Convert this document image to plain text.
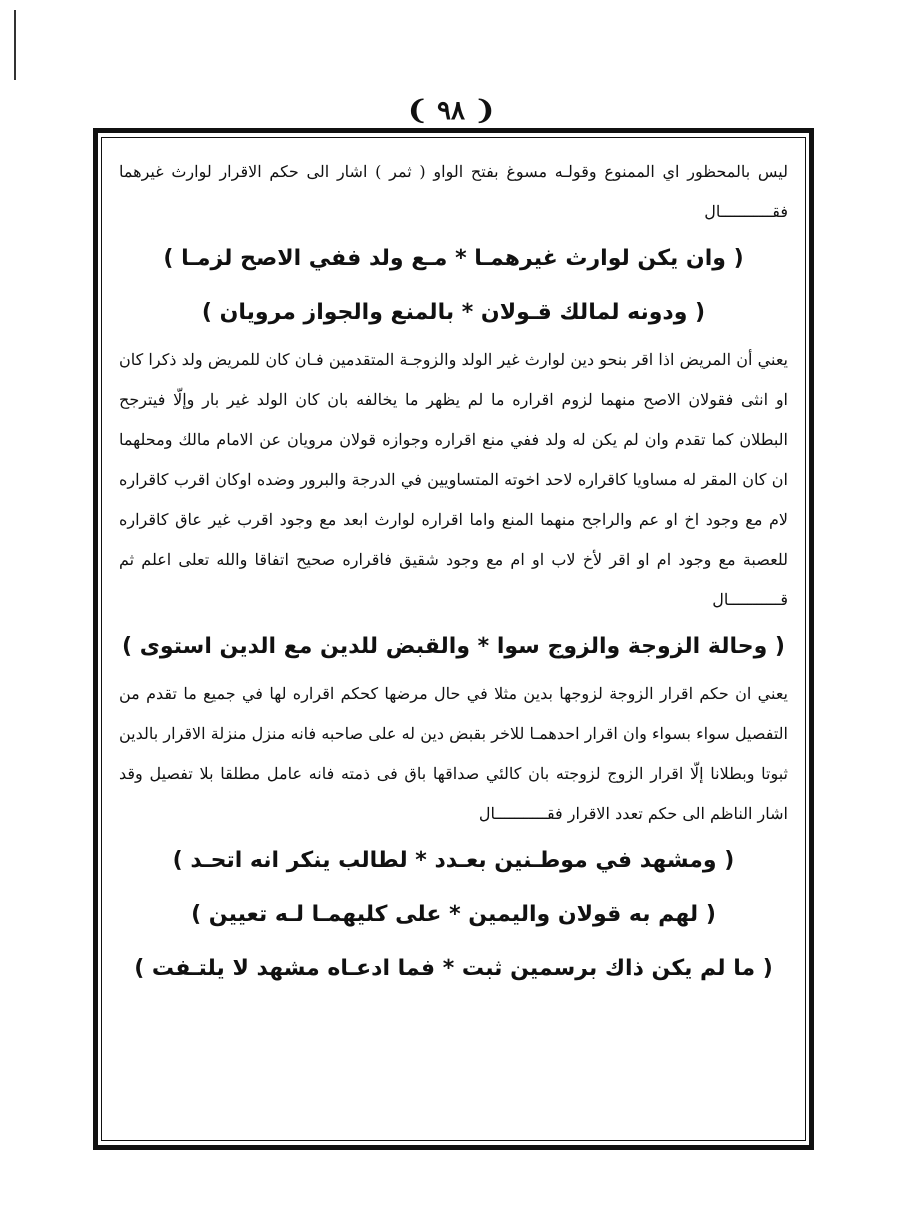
❨ ٩٨ ❩

ليس بالمحظور اي الممنوع وقولـه مسوغ بفتح الواو ( ثمر ) اشار الى حكم الاقرار لوارث غيرهما فقـــــــــــال

( وان يكن لوارث غيرهمـا * مـع ولد ففي الاصح لزمـا )

( ودونه لمالك قـولان * بالمنع والجواز مرويان )

يعني أن المريض اذا اقر بنحو دين لوارث غير الولد والزوجـة المتقدمين فـان كان للمريض ولد ذكرا كان او انثى فقولان الاصح منهما لزوم اقراره ما لم يظهر ما يخالفه بان كان الولد غير بار وإلّا فيترجح البطلان كما تقدم وان لم يكن له ولد ففي منع اقراره وجوازه قولان مرويان عن الامام مالك ومحلهما ان كان المقر له مساويا كاقراره لاحد اخوته المتساويين في الدرجة والبرور وضده اوكان اقرب كاقراره لام مع وجود اخ او عم والراجح منهما المنع واما اقراره لوارث ابعد مع وجود اقرب غير عاق كاقراره للعصبة مع وجود ام او اقر لأخ لاب او ام مع وجود شقيق فاقراره صحيح اتفاقا والله تعلى اعلم ثم قـــــــــــال

( وحالة الزوجة والزوج سوا * والقبض للدين مع الدين استوى )

يعني ان حكم اقرار الزوجة لزوجها بدين مثلا في حال مرضها كحكم اقراره لها في جميع ما تقدم من التفصيل سواء بسواء وان اقرار احدهمـا للاخر بقبض دين له على صاحبه فانه منزل منزلة الاقرار بالدين ثبوتا وبطلانا إلّا اقرار الزوج لزوجته بان كالئي صداقها باق فى ذمته فانه عامل مطلقا بلا تفصيل وقد اشار الناظم الى حكم تعدد الاقرار فقـــــــــــال

( ومشهد في موطـنين بعـدد * لطالب ينكر انه اتحـد )

( لهم به قولان واليمين * على كليهمـا لـه تعيين )

( ما لم يكن ذاك برسمين ثبت * فما ادعـاه مشهد لا يلتـفت )
